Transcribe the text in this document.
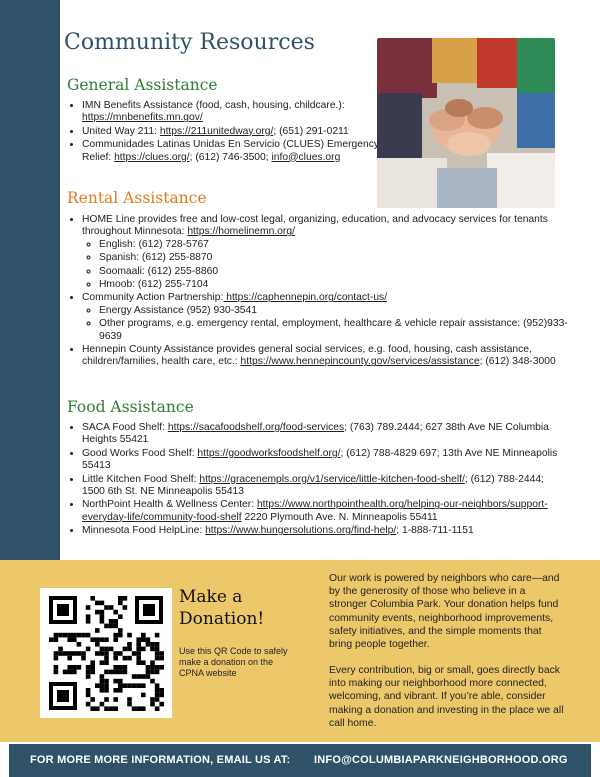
Community Resources
General Assistance
• IMN Benefits Assistance (food, cash, housing, childcare.): https://mnbenefits.mn.gov/
• United Way 211: https://211unitedway.org/; (651) 291-0211
• Communidades Latinas Unidas En Servicio (CLUES) Emergency Relief: https://clues.org/; (612) 746-3500; info@clues.org
Rental Assistance
• HOME Line provides free and low-cost legal, organizing, education, and advocacy services for tenants throughout Minnesota: https://homelinemn.org/
◦ English: (612) 728-5767
◦ Spanish: (612) 255-8870
◦ Soomaali: (612) 255-8860
◦ Hmoob: (612) 255-7104
• Community Action Partnership: https://caphennepin.org/contact-us/
◦ Energy Assistance (952) 930-3541
◦ Other programs, e.g. emergency rental, employment, healthcare & vehicle repair assistance: (952)933-9639
• Hennepin County Assistance provides general social services, e.g. food, housing, cash assistance, children/families, health care, etc.: https://www.hennepincounty.gov/services/assistance; (612) 348-3000
Food Assistance
• SACA Food Shelf: https://sacafoodshelf.org/food-services; (763) 789.2444; 627 38th Ave NE Columbia Heights 55421
• Good Works Food Shelf: https://goodworksfoodshelf.org/; (612) 788-4829 697; 13th Ave NE Minneapolis 55413
• Little Kitchen Food Shelf: https://gracenempls.org/v1/service/little-kitchen-food-shelf/; (612) 788-2444; 1500 6th St. NE Minneapolis 55413
• NorthPoint Health & Wellness Center: https://www.northpointhealth.org/helping-our-neighbors/support-everyday-life/community-food-shelf 2220 Plymouth Ave. N. Minneapolis 55411
• Minnesota Food HelpLine: https://www.hungersolutions.org/find-help/; 1-888-711-1151
Make a
Donation!

Use this QR Code to safely make a donation on the CPNA website

Our work is powered by neighbors who care—and by the generosity of those who believe in a stronger Columbia Park. Your donation helps fund community events, neighborhood improvements, safety initiatives, and the simple moments that bring people together.

Every contribution, big or small, goes directly back into making our neighborhood more connected, welcoming, and vibrant. If you’re able, consider making a donation and investing in the place we all call home.

FOR MORE MORE INFORMATION, EMAIL US AT: INFO@COLUMBIAPARKNEIGHBORHOOD.ORG
